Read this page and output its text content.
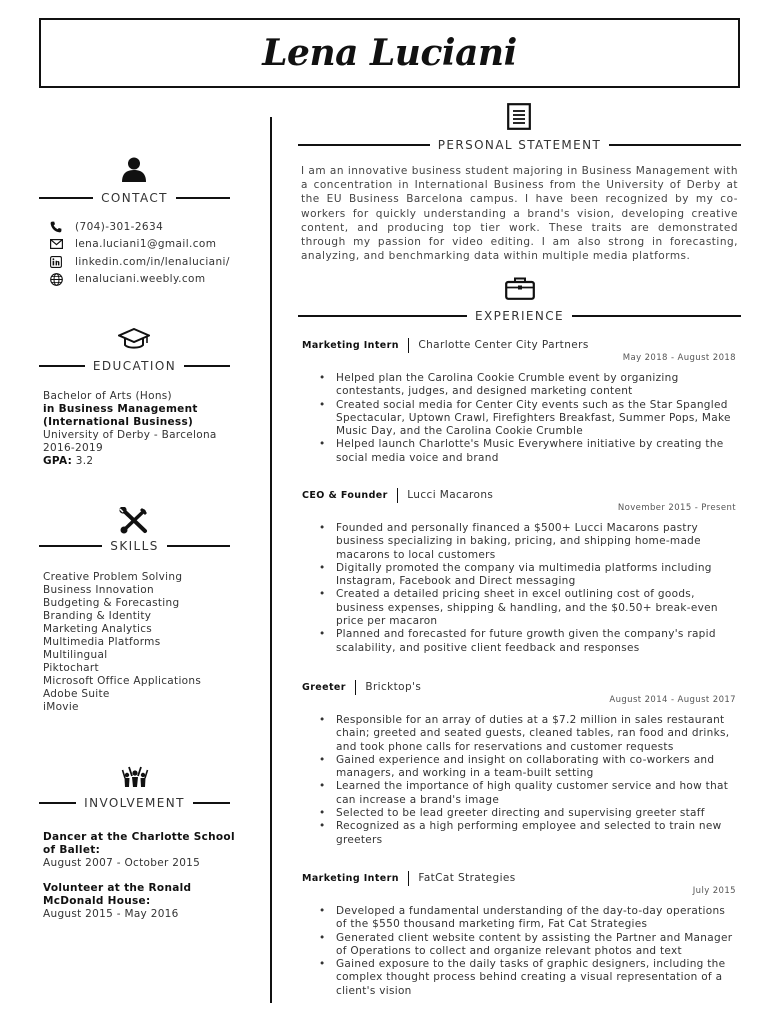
Lena Luciani
CONTACT
(704)-301-2634
lena.luciani1@gmail.com
linkedin.com/in/lenaluciani/
lenaluciani.weebly.com
EDUCATION
Bachelor of Arts (Hons)
in Business Management
(International Business)
University of Derby - Barcelona
2016-2019
GPA: 3.2
SKILLS
Creative Problem Solving
Business Innovation
Budgeting & Forecasting
Branding & Identity
Marketing Analytics
Multimedia Platforms
Multilingual
Piktochart
Microsoft Office Applications
Adobe Suite
iMovie
INVOLVEMENT
Dancer at the Charlotte School
of Ballet:
August 2007 - October 2015
Volunteer at the Ronald
McDonald House:
August 2015 - May 2016
PERSONAL STATEMENT
I am an innovative business student majoring in Business Management with a concentration in International Business from the University of Derby at the EU Business Barcelona campus. I have been recognized by my co-workers for quickly understanding a brand's vision, developing creative content, and producing top tier work. These traits are demonstrated through my passion for video editing. I am also strong in forecasting, analyzing, and benchmarking data within multiple media platforms.
EXPERIENCE
Marketing Intern Charlotte Center City Partners
May 2018 - August 2018
• Helped plan the Carolina Cookie Crumble event by organizing contestants, judges, and designed marketing content
• Created social media for Center City events such as the Star Spangled Spectacular, Uptown Crawl, Firefighters Breakfast, Summer Pops, Make Music Day, and the Carolina Cookie Crumble
• Helped launch Charlotte's Music Everywhere initiative by creating the social media voice and brand
CEO & Founder Lucci Macarons
November 2015 - Present
• Founded and personally financed a $500+ Lucci Macarons pastry business specializing in baking, pricing, and shipping home-made macarons to local customers
• Digitally promoted the company via multimedia platforms including Instagram, Facebook and Direct messaging
• Created a detailed pricing sheet in excel outlining cost of goods, business expenses, shipping & handling, and the $0.50+ break-even price per macaron
• Planned and forecasted for future growth given the company's rapid scalability, and positive client feedback and responses
Greeter Bricktop's
August 2014 - August 2017
• Responsible for an array of duties at a $7.2 million in sales restaurant chain; greeted and seated guests, cleaned tables, ran food and drinks, and took phone calls for reservations and customer requests
• Gained experience and insight on collaborating with co-workers and managers, and working in a team-built setting
• Learned the importance of high quality customer service and how that can increase a brand's image
• Selected to be lead greeter directing and supervising greeter staff
• Recognized as a high performing employee and selected to train new greeters
Marketing Intern FatCat Strategies
July 2015
• Developed a fundamental understanding of the day-to-day operations of the $550 thousand marketing firm, Fat Cat Strategies
• Generated client website content by assisting the Partner and Manager of Operations to collect and organize relevant photos and text
• Gained exposure to the daily tasks of graphic designers, including the complex thought process behind creating a visual representation of a client's vision
